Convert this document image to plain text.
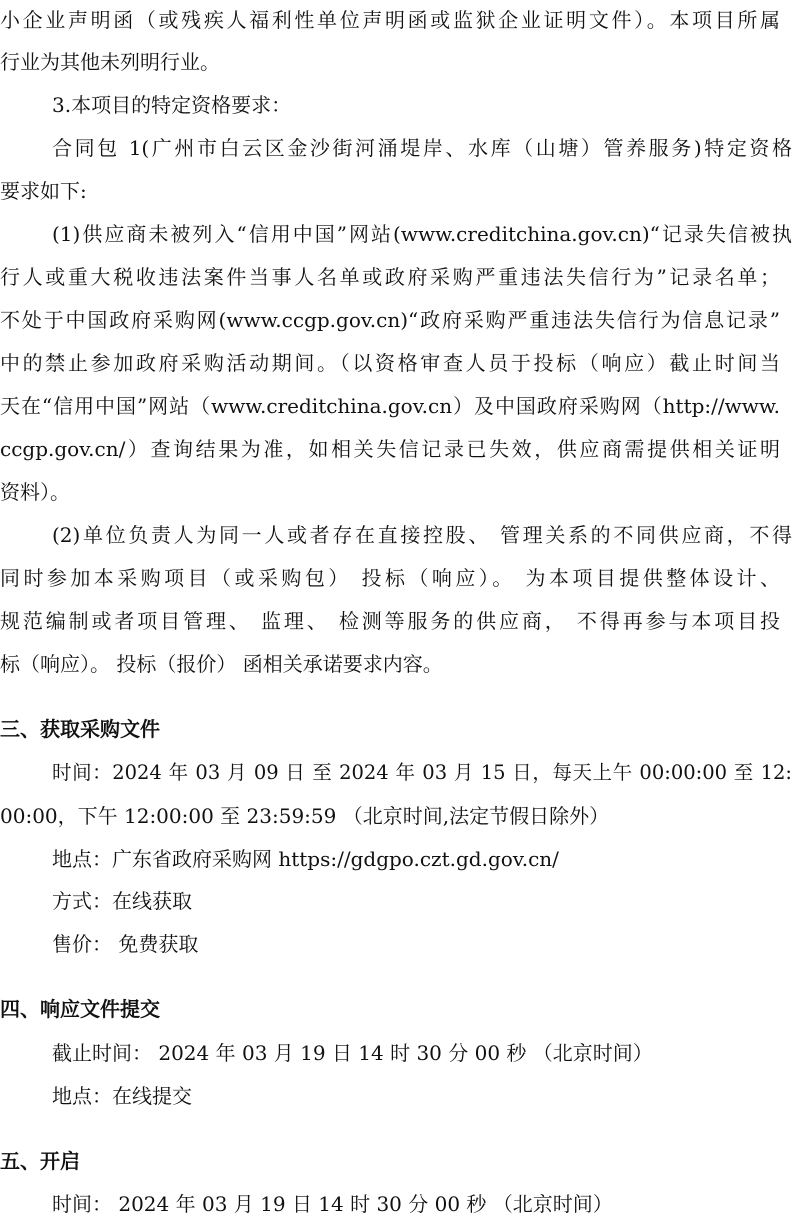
小企业声明函（或残疾人福利性单位声明函或监狱企业证明文件）。本项目所属
行业为其他未列明行业。
3.本项目的特定资格要求：
合同包 1(广州市白云区金沙街河涌堤岸、水库（山塘）管养服务)特定资格
要求如下:
(1)供应商未被列入“信用中国”网站(www.creditchina.gov.cn)“记录失信被执
行人或重大税收违法案件当事人名单或政府采购严重违法失信行为”记录名单；
不处于中国政府采购网(www.ccgp.gov.cn)“政府采购严重违法失信行为信息记录”
中的禁止参加政府采购活动期间。（以资格审查人员于投标（响应）截止时间当
天在“信用中国”网站（www.creditchina.gov.cn）及中国政府采购网（http://www.
ccgp.gov.cn/）查询结果为准，如相关失信记录已失效，供应商需提供相关证明
资料）。
(2)单位负责人为同一人或者存在直接控股、 管理关系的不同供应商，不得
同时参加本采购项目（或采购包） 投标（响应）。 为本项目提供整体设计、
规范编制或者项目管理、 监理、 检测等服务的供应商， 不得再参与本项目投
标（响应）。 投标（报价） 函相关承诺要求内容。
三、获取采购文件
时间：2024 年 03 月 09 日 至 2024 年 03 月 15 日，每天上午 00:00:00 至 12:
00:00，下午 12:00:00 至 23:59:59 （北京时间,法定节假日除外）
地点：广东省政府采购网 https://gdgpo.czt.gd.gov.cn/
方式：在线获取
售价： 免费获取
四、响应文件提交
截止时间： 2024 年 03 月 19 日 14 时 30 分 00 秒 （北京时间）
地点：在线提交
五、开启
时间： 2024 年 03 月 19 日 14 时 30 分 00 秒 （北京时间）
